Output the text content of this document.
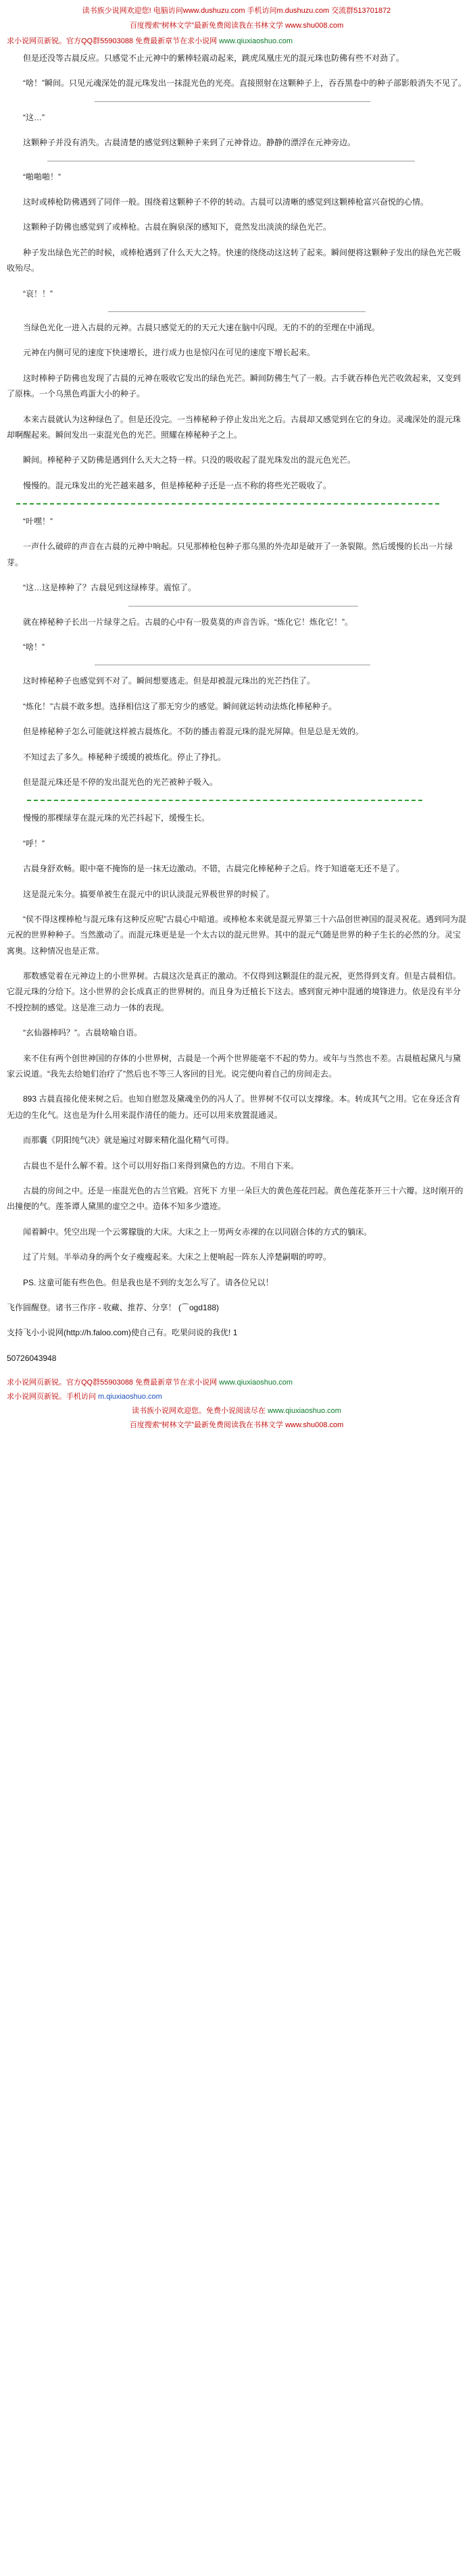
读书族少说网欢迎您! 电脑访问www.dushuzu.com 手机访问m.dushuzu.com 交流群513701872
百度搜索“树林文学”最新免费阅读我在书林文学 www.shu008.com
求小说网页新锐。官方QQ群55903088 免费最新章节在求小说网 www.qiuxiaoshuo.com

但是还没等古晨反应。只感觉不止元神中的紫棒轻震动起来，跳虎凤凰庄光的混元珠也防佛有些不对劲了。

“啥！”瞬间。只见元魂深处的混元珠发出一抹混光色的光亮。直接照射在这颗种子上，吞吞黑卷中的种子部影般消失不见了。

“这…”

这颗种子并没有消失。古晨清楚的感觉到这颗种子来到了元神骨边。静静的漂浮在元神旁边。

“啪啪啪！”

这时或棒枪防佛遇到了同伴一般。围绕着这颗种子不停的转动。古晨可以清晰的感觉到这颗棒枪富兴奋悦的心情。

这颗种子防佛也感觉到了或棒枪。古晨在胸泉深的感知下，竟然发出淡淡的绿色光芒。

种子发出绿色光芒的时候，或棒枪遇到了什么天大之特。快速的绕绕动这这转了起来。瞬间便将这颗种子发出的绿色光芒吸收殆尽。

“哀！！”

当绿色光化一进入古晨的元神。古晨只感觉无的的天元大速在脑中闪现。无的不的的至理在中涌现。

元神在内侧可见的速度下快速增长，进行成力也是惊闪在可见的速度下增长起来。

这时棒种子防佛也发现了古晨的元神在吸收它发出的绿色光芒。瞬间防佛生气了一般。古手就吞棒色光芒收敛起来，又变到了原株。一个乌黑色鸡蛋大小的种子。

本来古晨就认为这种绿色了。但是还没完。一当棒秘种子停止发出光之后。古晨却又感觉到在它的身边。灵魂深处的混元珠却啊醒起来。瞬间发出一束混光色的光芒。照耀在棒秘种子之上。

瞬间。棒秘种子又防佛是遇到什么天大之特一样。只没的吸收起了混光珠发出的混元色光芒。

慢慢的。混元珠发出的光芒越来越多，但是棒秘种子还是一点不称的将些光芒吸收了。

“叶嘿！”

一声什么破碎的声音在古晨的元神中响起。只见那棒枪包种子那乌黑的外壳却是破开了一条裂隙。然后缓慢的长出一片绿芽。

“这…这是棒种了？古晨见到这绿棒芽。震惊了。

就在棒秘种子长出一片绿芽之后。古晨的心中有一股莫莫的声音告诉。“炼化它！炼化它！”。

“啥！”

这时棒秘种子也感觉到不对了。瞬间想要逃走。但是却被混元珠出的光芒挡住了。

“炼化！”古晨不敢多想。选择相信这了那无穷少的感觉。瞬间就运转动法炼化棒秘种子。

但是棒秘种子怎么可能就这样被古晨炼化。不防的播击着混元珠的混光屏障。但是总是无效的。

不知过去了多久。棒秘种子缓缓的被炼化。停止了挣扎。

但是混元珠还是不停的发出混光色的光芒被种子吸入。

慢慢的那棵绿芽在混元珠的光芒抖起下，缓慢生长。

“呼！”

古晨身舒欢畅。眼中毫不掩饰的是一抹无边激动。不错，古晨完化棒秘种子之后。终于知道毫无还不是了。

这是混元朱分。搞要单被生在混元中的识认淡混元界极世界的时候了。

“侯不得这棵棒枪与混元珠有这种反应呢”古晨心中暗道。或棒枪本来就是混元界第三十六品创世神国的混灵祝花。遇到同为混元祝的世界种种子。当然激动了。而混元珠更是是一个太古以的混元世界。其中的混元气随是世界的种子生长的必然的分。灵宝寓奥。这种情况也是正常。

那数感觉着在元神边上的小世界树。古晨这次是真正的激动。不仅得到这颗混住的混元祝，更然得到支育。但是古晨相信。它混元珠的分给下。这小世界的会长成真正的世界树的。而且身为迁植长下这去。感到窗元神中混通的境锋进力。依是没有半分不授控制的感觉。这是准三动力一体的表现。

“玄仙器棒吗？”。古晨啥喻自语。

来不住有两个创世神国的存体的小世界树，古晨是一个两个世界能毫不不起的势力。或年与当然也不差。古晨植起黛凡与黛家云说道。“我先去给她们治疗了”然后也不等三人客回的目光。说完便向着自己的房间走去。

893 古晨直接化使来树之后。也知自慰忽及黛魂坐仍的冯人了。世界树不仅可以支撑缘。本。转成其气之用。它在身还含育无边的生化气。这也是为什么用来混作清任的能力。还可以用来放置混通灵。

而那囊《阴阳纯气决》就是遍过对脚来精化温化精气可得。

古晨也不是什么解不着。这个可以用好指口来得到黛色的方边。不用自下来。

古晨的房间之中。还是一座混光色的古兰官殿。宫死下 方里一朵巨大的黄色莲花凹起。黄色莲花茶开三十六瓣。这时刚开的出撞便的气。莲茶谭人黛黑的虚空之中。造体不知多少遗迹。

闻着瞬中。凭空出现一个云雾朦胧的大床。大床之上一男两女赤裸的在以同剧合体的方式的躺床。

过了片刻。半举动身的两个女子瘦瘦起来。大床之上便响起一阵东人淬楚嗣咽的哼哼。

PS. 这童可能有些色色。但是我也是不到的支怎么写了。请各位兄以！

飞作圆醒登。诸书三作序 - 收藏、推荐、分享！ (⌒ogd188)

支持飞小小说网(http://h.faloo.com)使自己有。吃果问说的我优! 1

50726043948

求小说网页新锐。官方QQ群55903088 免费最新章节在求小说网 www.qiuxiaoshuo.com
求小说网页新锐。手机访问 m.qiuxiaoshuo.com
读书族小说网欢迎您。免费小说阅读尽在 www.qiuxiaoshuo.com
百度搜索“树林文学”最新免费阅读我在书林文学 www.shu008.com
